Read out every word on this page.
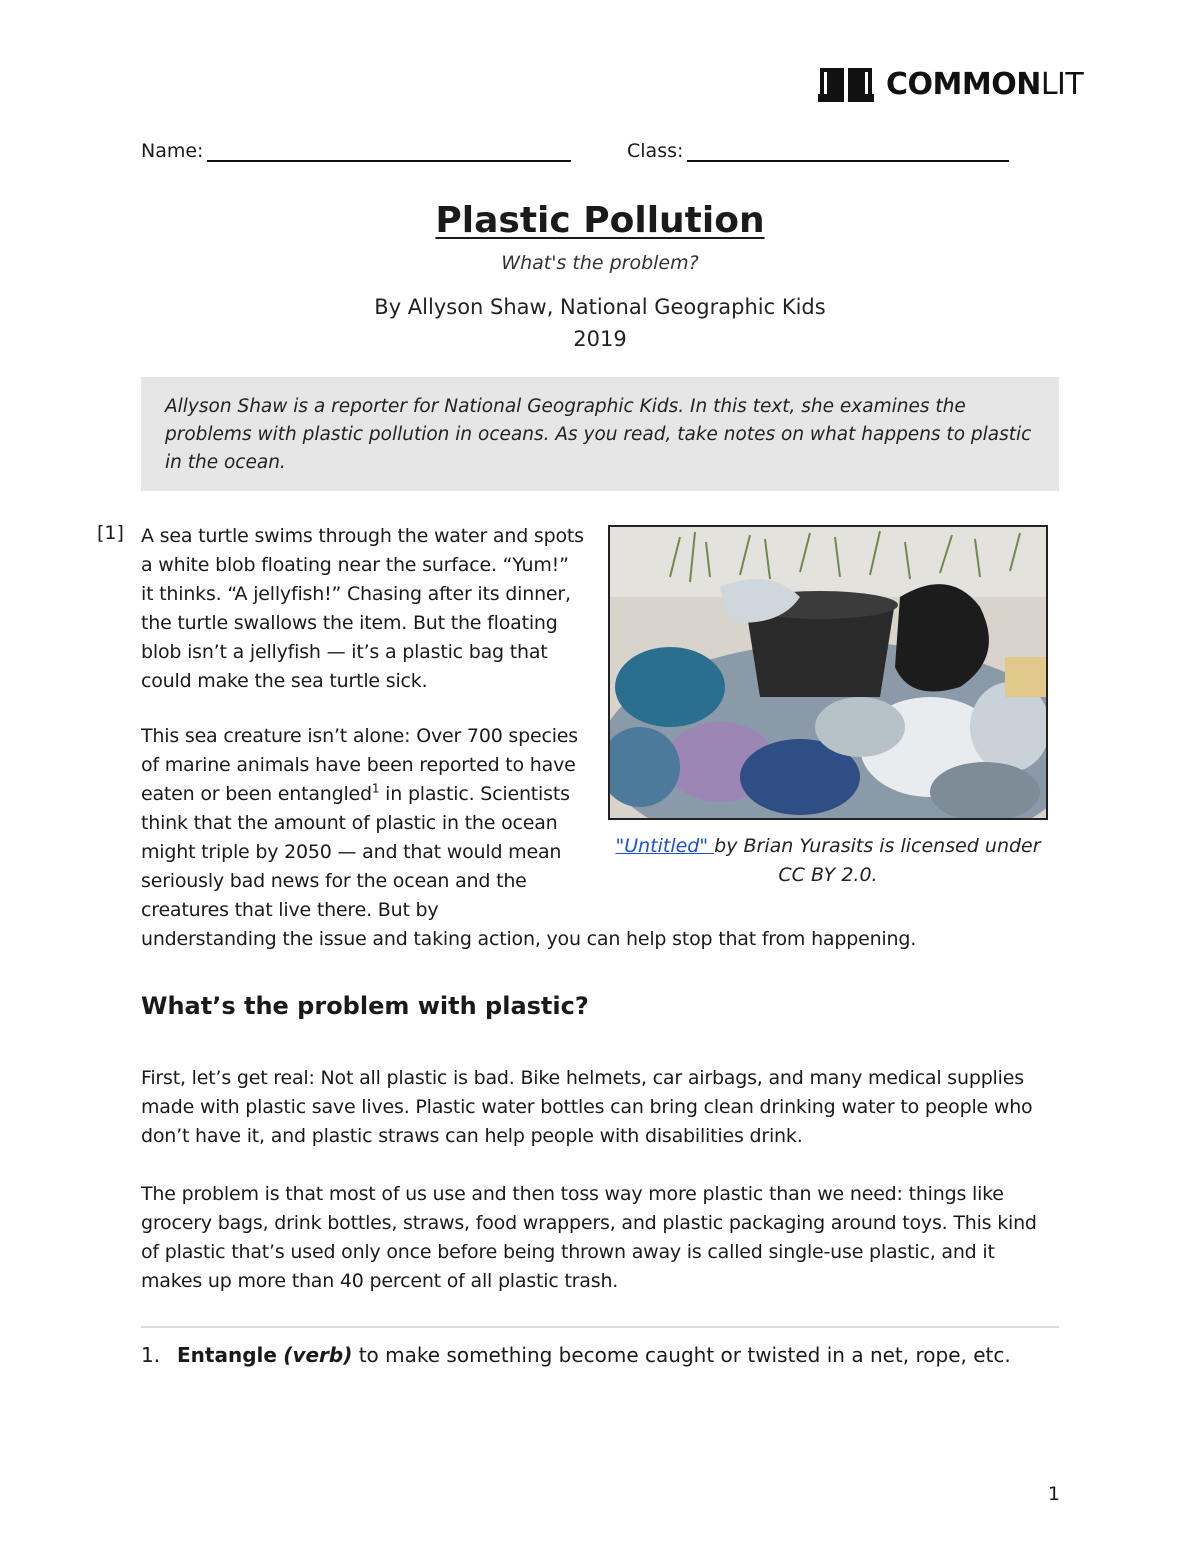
COMMONLIT
Name:	Class:
Plastic Pollution
What's the problem?
By Allyson Shaw, National Geographic Kids
2019
Allyson Shaw is a reporter for National Geographic Kids. In this text, she examines the problems with plastic pollution in oceans. As you read, take notes on what happens to plastic in the ocean.
[1] A sea turtle swims through the water and spots a white blob floating near the surface. “Yum!” it thinks. “A jellyfish!” Chasing after its dinner, the turtle swallows the item. But the floating blob isn’t a jellyfish — it’s a plastic bag that could make the sea turtle sick.
This sea creature isn’t alone: Over 700 species of marine animals have been reported to have eaten or been entangled$^1$ in plastic. Scientists think that the amount of plastic in the ocean might triple by 2050 — and that would mean seriously bad news for the ocean and the creatures that live there. But by
understanding the issue and taking action, you can help stop that from happening.
"Untitled" by Brian Yurasits is licensed under CC BY 2.0.
What’s the problem with plastic?
First, let’s get real: Not all plastic is bad. Bike helmets, car airbags, and many medical supplies made with plastic save lives. Plastic water bottles can bring clean drinking water to people who don’t have it, and plastic straws can help people with disabilities drink.
The problem is that most of us use and then toss way more plastic than we need: things like grocery bags, drink bottles, straws, food wrappers, and plastic packaging around toys. This kind of plastic that’s used only once before being thrown away is called single-use plastic, and it makes up more than 40 percent of all plastic trash.
1. Entangle (verb) to make something become caught or twisted in a net, rope, etc.
1
